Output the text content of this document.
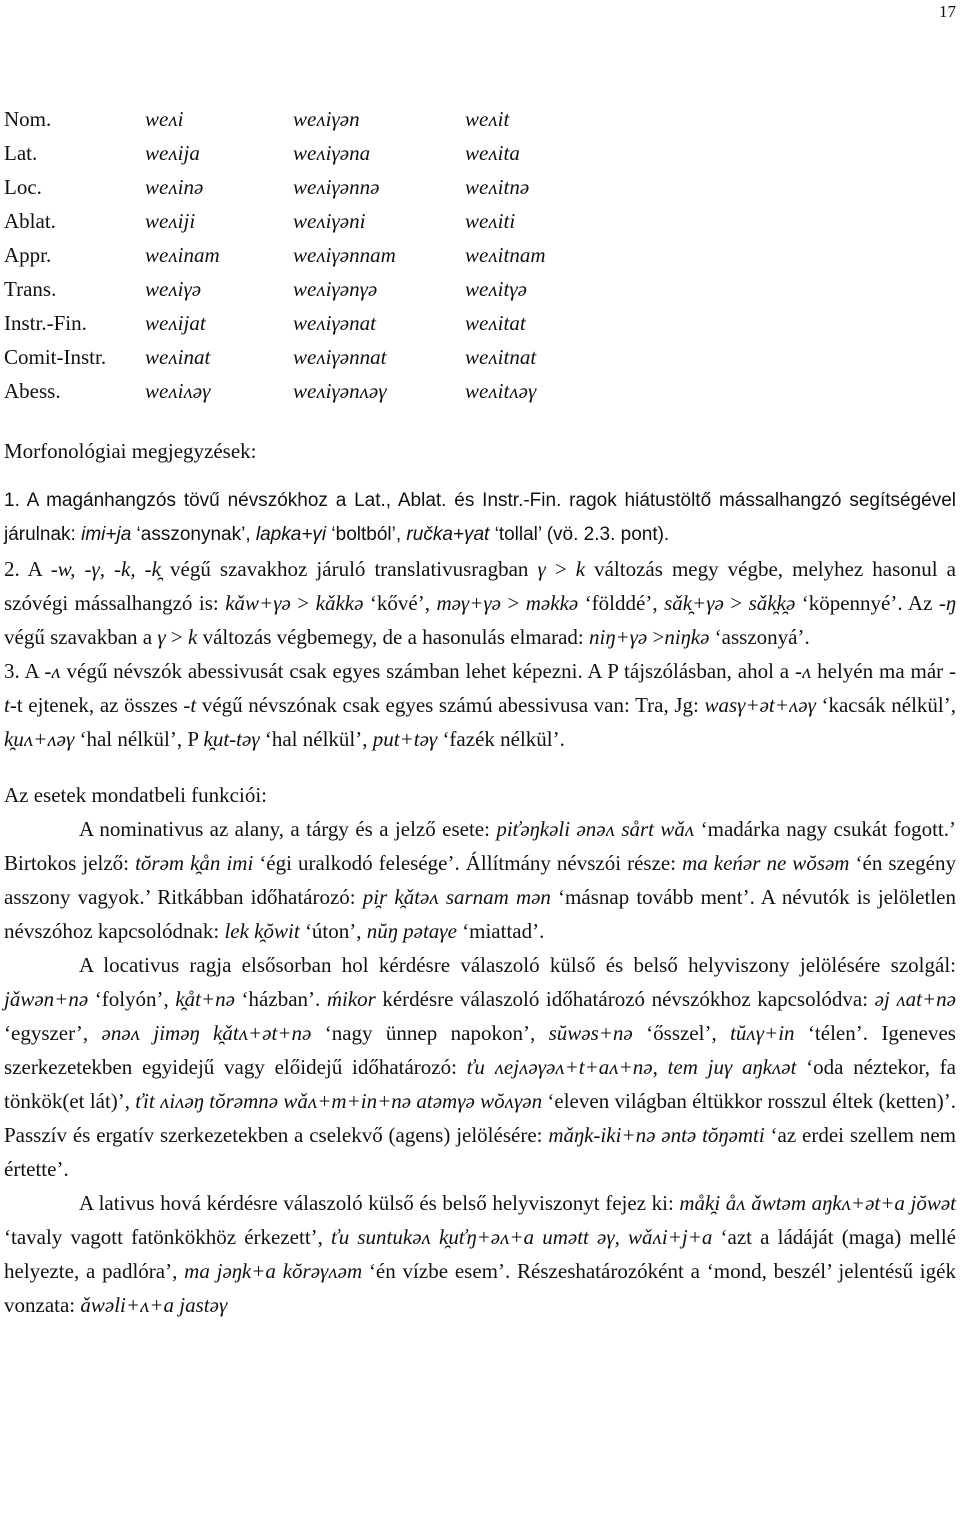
17
Nom.	weʌi	weʌiγən	weʌit
Lat.	weʌija	weʌiγəna	weʌita
Loc.	weʌinə	weʌiγənnə	weʌitnə
Ablat.	weʌiji	weʌiγəni	weʌiti
Appr.	weʌinam	weʌiγənnam	weʌitnam
Trans.	weʌiγə	weʌiγənγə	weʌitγə
Instr.-Fin.	weʌijat	weʌiγənat	weʌitat
Comit-Instr.	weʌinat	weʌiγənnat	weʌitnat
Abess.	weʌiʌəγ	weʌiγənʌəγ	weʌitʌəγ

Morfonológiai megjegyzések:

1. A magánhangzós tövű névszókhoz a Lat., Ablat. és Instr.-Fin. ragok hiátustöltő mássalhangzó segítségével járulnak: imi+ja ‘asszonynak’, lapka+γi ‘boltból’, ručka+γat ‘tollal’ (vö. 2.3. pont).

2. A -w, -γ, -k, -k̯ végű szavakhoz járuló translativusragban γ > k változás megy végbe, melyhez hasonul a szóvégi mássalhangzó is: kǎw+γə > kǎkkə ‘kővé’, məγ+γə > məkkə ‘földdé’, sǎk̯+γə > sǎk̯k̯ə ‘köpennyé’. Az -ŋ végű szavakban a γ > k változás végbemegy, de a hasonulás elmarad: niŋ+γə >niŋkə ‘asszonyá’.

3. A -ʌ végű névszók abessivusát csak egyes számban lehet képezni. A P tájszólásban, ahol a -ʌ helyén ma már -t-t ejtenek, az összes -t végű névszónak csak egyes számú abessivusa van: Tra, Jg: wasγ+ət+ʌəγ ‘kacsák nélkül’, k̯uʌ+ʌəγ ‘hal nélkül’, P k̯ut-təγ ‘hal nélkül’, put+təγ ‘fazék nélkül’.

Az esetek mondatbeli funkciói:

A nominativus az alany, a tárgy és a jelző esete: piťəŋkəli ənəʌ sårt wǎʌ ‘madárka nagy csukát fogott.’ Birtokos jelző: tŏrəm k̯ån imi ‘égi uralkodó felesége’. Állítmány névszói része: ma keńər ne wŏsəm ‘én szegény asszony vagyok.’ Ritkábban időhatározó: pi̯r k̯ǎtəʌ sarnam mən ‘másnap tovább ment’. A névutók is jelöletlen névszóhoz kapcsolódnak: lek k̯ŏwit ‘úton’, nŭŋ pətaγe ‘miattad’.

A locativus ragja elsősorban hol kérdésre válaszoló külső és belső helyviszony jelölésére szolgál: jǎwən+nə ‘folyón’, k̯åt+nə ‘házban’. ḿikor kérdésre válaszoló időhatározó névszókhoz kapcsolódva: əj ʌat+nə ‘egyszer’, ənəʌ jiməŋ k̯ǎtʌ+ət+nə ‘nagy ünnep napokon’, sŭwəs+nə ‘ősszel’, tŭʌγ+in ‘télen’. Igeneves szerkezetekben egyidejű vagy előidejű időhatározó: ťu ʌejʌəγəʌ+t+aʌ+nə, tem juγ aŋkʌət ‘oda néztekor, fa tönkök(et lát)’, ťit ʌiʌəŋ tŏrəmnə wǎʌ+m+in+nə atəmγə wŏʌγən ‘eleven világban éltükkor rosszul éltek (ketten)’. Passzív és ergatív szerkezetekben a cselekvő (agens) jelölésére: mǎŋk-iki+nə əntə tŏŋəmti ‘az erdei szellem nem értette’.

A lativus hová kérdésre válaszoló külső és belső helyviszonyt fejez ki: måk̯i åʌ ǎwtəm aŋkʌ+ət+a jŏwət ‘tavaly vagott fatönkökhöz érkezett’, ťu suntukəʌ k̯uťŋ+əʌ+a umətt əγ, wǎʌi+j+a ‘azt a ládáját (maga) mellé helyezte, a padlóra’, ma jəŋk+a kŏrəγʌəm ‘én vízbe esem’. Részeshatározóként a ‘mond, beszél’ jelentésű igék vonzata: ǎwəli+ʌ+a jastəγ
